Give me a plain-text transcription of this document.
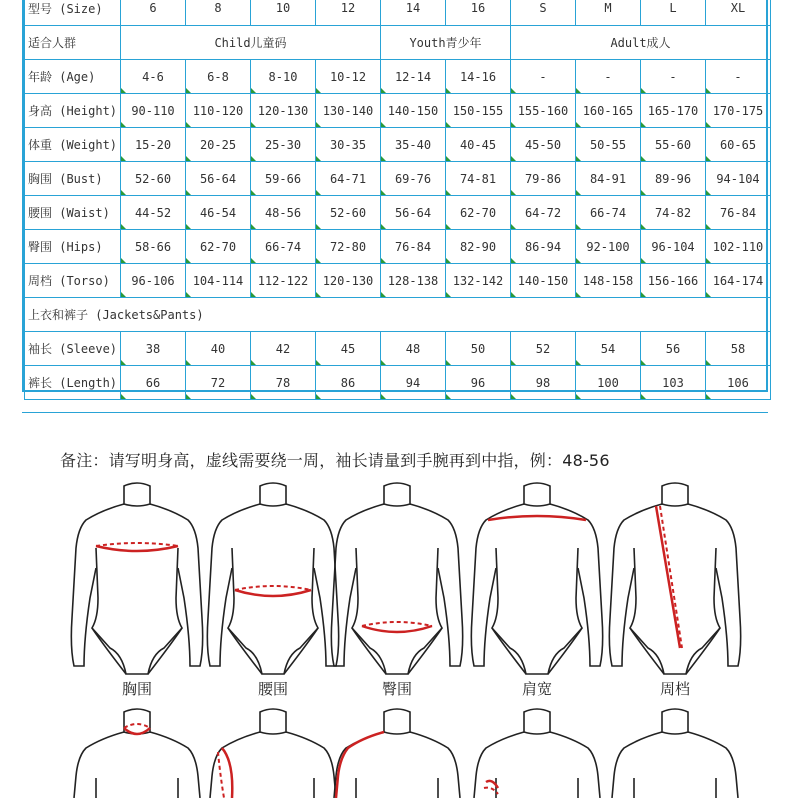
型号 (Size)	6	8	10	12	14	16	S	M	L	XL
适合人群	Child儿童码				Youth青少年		Adult成人			
年龄 (Age)	4-6	6-8	8-10	10-12	12-14	14-16	-	-	-	-
身高 (Height)	90-110	110-120	120-130	130-140	140-150	150-155	155-160	160-165	165-170	170-175
体重 (Weight)	15-20	20-25	25-30	30-35	35-40	40-45	45-50	50-55	55-60	60-65
胸围 (Bust)	52-60	56-64	59-66	64-71	69-76	74-81	79-86	84-91	89-96	94-104
腰围 (Waist)	44-52	46-54	48-56	52-60	56-64	62-70	64-72	66-74	74-82	76-84
臀围 (Hips)	58-66	62-70	66-74	72-80	76-84	82-90	86-94	92-100	96-104	102-110
周档 (Torso)	96-106	104-114	112-122	120-130	128-138	132-142	140-150	148-158	156-166	164-174
上衣和裤子 (Jackets&Pants)										
袖长 (Sleeve)	38	40	42	45	48	50	52	54	56	58
裤长 (Length)	66	72	78	86	94	96	98	100	103	106
备注：请写明身高，虚线需要绕一周，袖长请量到手腕再到中指，例：48-56
胸围	腰围	臀围	肩宽	周档
